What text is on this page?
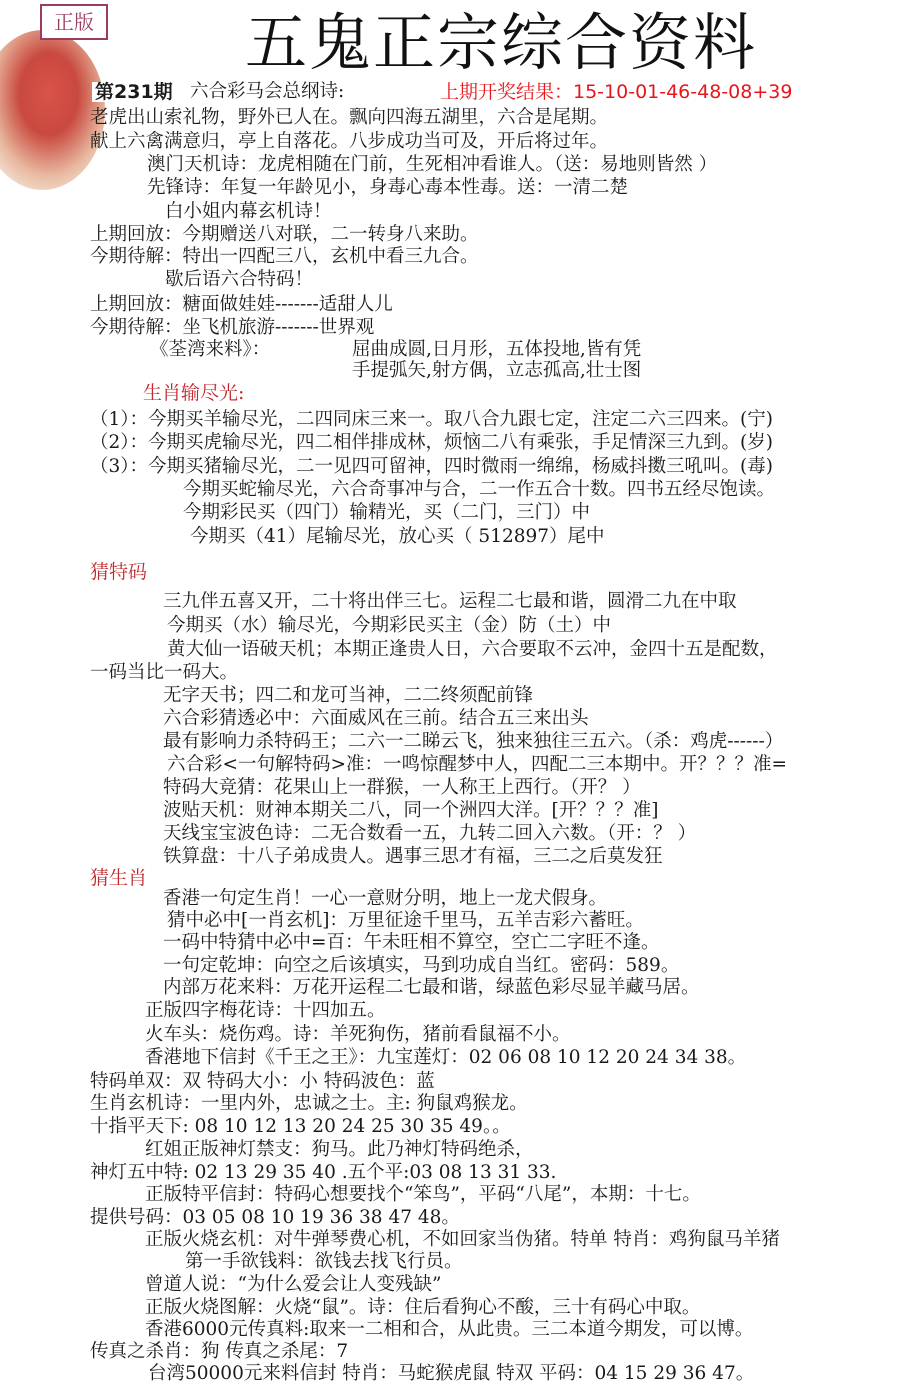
正版 五鬼正宗综合资料
第231期 六合彩马会总纲诗:	上期开奖结果：15-10-01-46-48-08+39
老虎出山索礼物，野外已人在。飘向四海五湖里，六合是尾期。
献上六禽满意归，亭上自落花。八步成功当可及，开后将过年。
澳门天机诗：龙虎相随在门前，生死相冲看谁人。（送：易地则皆然 ）
先锋诗：年复一年龄见小，身毒心毒本性毒。送：一清二楚
白小姐内幕玄机诗！
上期回放：今期赠送八对联，二一转身八来助。
今期待解：特出一四配三八，玄机中看三九合。
歇后语六合特码！
上期回放：糖面做娃娃-------适甜人儿
今期待解：坐飞机旅游-------世界观
《荃湾来料》：	屈曲成圆,日月形，五体投地,皆有凭
手提弧矢,射方偶，立志孤高,壮士图
生肖输尽光:
（1）：今期买羊输尽光，二四同床三来一。取八合九跟七定，注定二六三四来。(宁)
（2）：今期买虎输尽光，四二相伴排成林，烦恼二八有乘张，手足情深三九到。(岁)
（3）：今期买猪输尽光，二一见四可留神，四时微雨一绵绵，杨威抖擞三吼叫。(毒)
今期买蛇输尽光，六合奇事冲与合，二一作五合十数。四书五经尽饱读。
今期彩民买（四门）输精光，买（二门，三门）中
今期买（41）尾输尽光，放心买（ 512897）尾中
猜特码
三九伴五喜又开，二十将出伴三七。运程二七最和谐，圆滑二九在中取
今期买（水）输尽光，今期彩民买主（金）防（土）中
黄大仙一语破天机；本期正逢贵人日，六合要取不云冲，金四十五是配数，
一码当比一码大。
无字天书；四二和龙可当神，二二终须配前锋
六合彩猜透必中：六面威风在三前。结合五三来出头
最有影响力杀特码王；二六一二睇云飞，独来独往三五六。（杀：鸡虎------）
六合彩<一句解特码>准：一鸣惊醒梦中人，四配二三本期中。开？？？准=
特码大竞猜：花果山上一群猴，一人称王上西行。（开？ ）
波贴天机：财神本期关二八，同一个洲四大洋。[开？？？准]
天线宝宝波色诗：二无合数看一五，九转二回入六数。（开：？ ）
铁算盘：十八子弟成贵人。遇事三思才有福，三二之后莫发狂
猜生肖
香港一句定生肖！一心一意财分明，地上一龙犬假身。
猜中必中[一肖玄机]：万里征途千里马，五羊吉彩六蓄旺。
一码中特猜中必中=百：午未旺相不算空，空亡二字旺不逢。
一句定乾坤：向空之后该填实，马到功成自当红。密码：589。
内部万花来料：万花开运程二七最和谐，绿蓝色彩尽显羊藏马居。
正版四字梅花诗：十四加五。
火车头：烧伤鸡。诗：羊死狗伤，猪前看鼠福不小。
香港地下信封《千王之王》：九宝莲灯：02 06 08 10 12 20 24 34 38。
特码单双：双 特码大小：小 特码波色：蓝
生肖玄机诗：一里内外，忠诚之士。主: 狗鼠鸡猴龙。
十指平天下: 08 10 12 13 20 24 25 30 35 49。。
红姐正版神灯禁支：狗马。此乃神灯特码绝杀，
神灯五中特: 02 13 29 35 40 .五个平:03 08 13 31 33.
正版特平信封：特码心想要找个“笨鸟”，平码“八尾”，本期：十七。
提供号码：03 05 08 10 19 36 38 47 48。
正版火烧玄机：对牛弹琴费心机，不如回家当伪猪。特单 特肖：鸡狗鼠马羊猪
第一手欲钱料：欲钱去找飞行员。
曾道人说：“为什么爱会让人变残缺”
正版火烧图解：火烧“鼠”。诗：住后看狗心不酸，三十有码心中取。
香港6000元传真料:取来一二相和合，从此贵。三二本道今期发，可以博。
传真之杀肖：狗 传真之杀尾：7
台湾50000元来料信封 特肖：马蛇猴虎鼠 特双 平码：04 15 29 36 47。
